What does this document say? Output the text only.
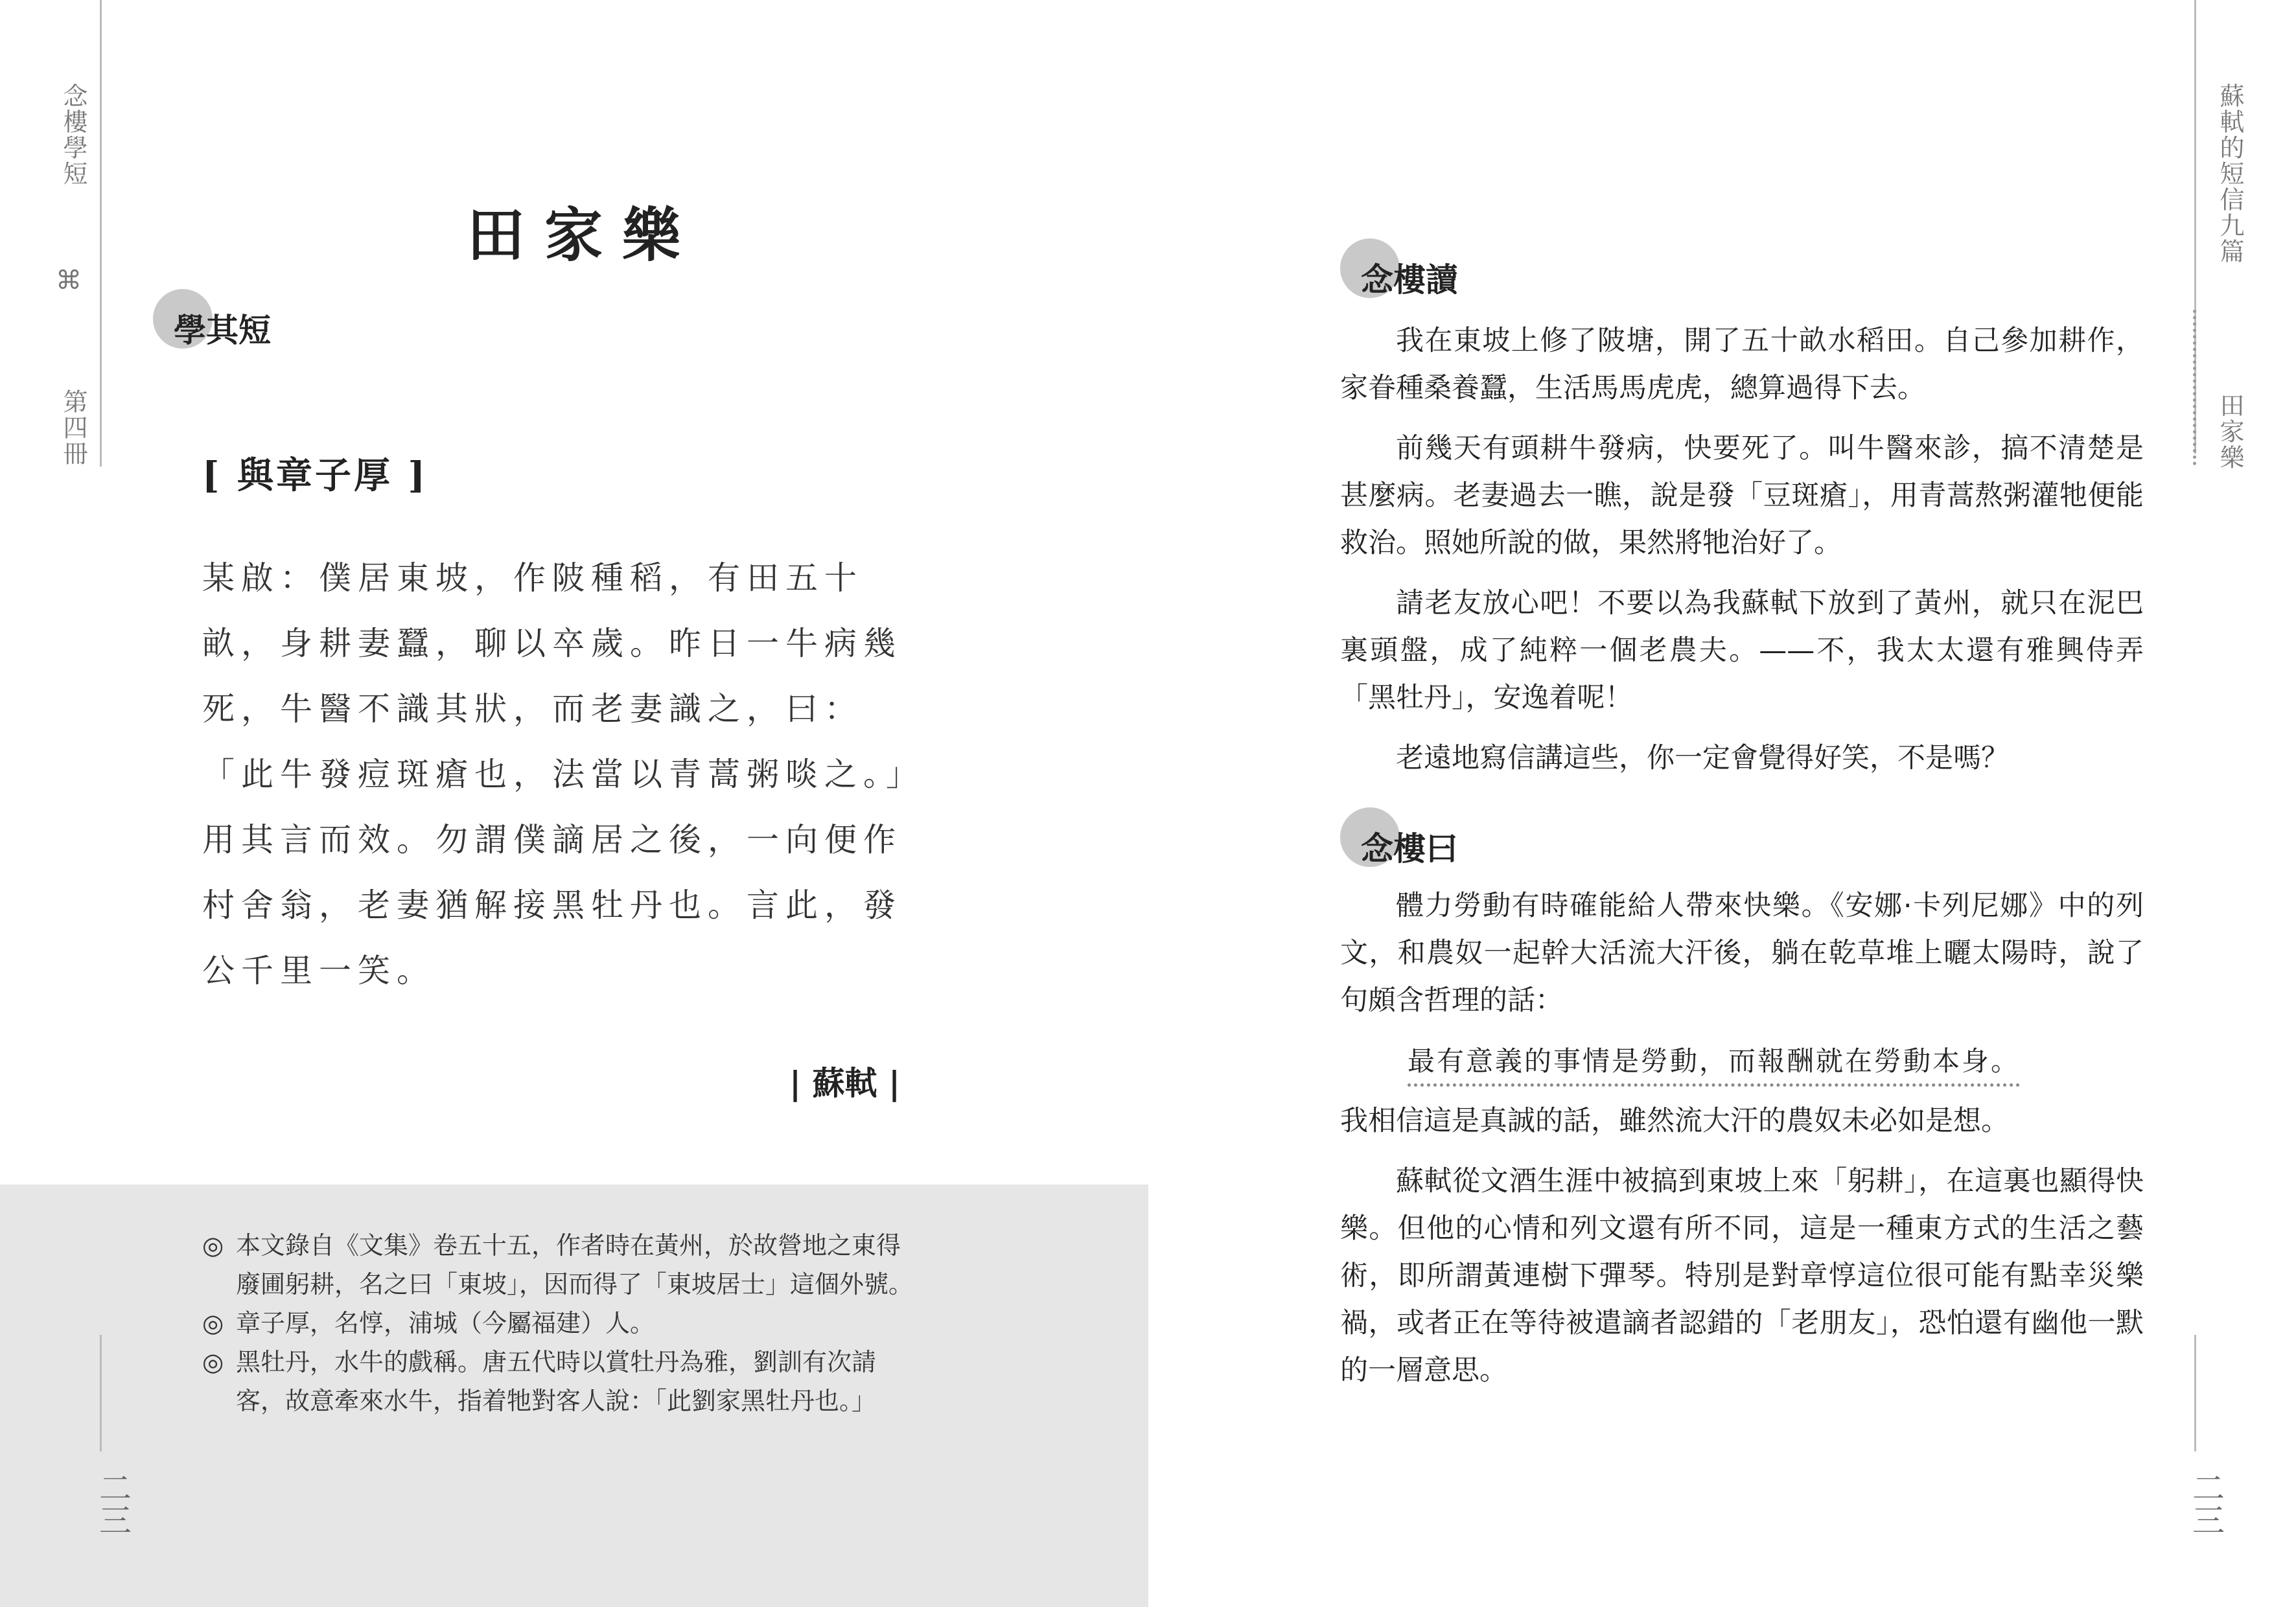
念樓學短
⌘
第四冊
田家樂
學其短
[ 與章子厚 ]
某啟：僕居東坡，作陂種稻，有田五十畝，身耕妻蠶，聊以卒歲。昨日一牛病幾死，牛醫不識其狀，而老妻識之，曰：「此牛發痘斑瘡也，法當以青蒿粥啖之。」用其言而效。勿謂僕謫居之後，一向便作村舍翁，老妻猶解接黑牡丹也。言此，發公千里一笑。
| 蘇軾 |
◎ 本文錄自《文集》卷五十五，作者時在黃州，於故營地之東得廢圃躬耕，名之曰「東坡」，因而得了「東坡居士」這個外號。
◎ 章子厚，名惇，浦城（今屬福建）人。
◎ 黑牡丹，水牛的戲稱。唐五代時以賞牡丹為雅，劉訓有次請客，故意牽來水牛，指着牠對客人說：「此劉家黑牡丹也。」
二三
蘇軾的短信九篇
田家樂
念樓讀

我在東坡上修了陂塘，開了五十畝水稻田。自己參加耕作，家眷種桑養蠶，生活馬馬虎虎，總算過得下去。

前幾天有頭耕牛發病，快要死了。叫牛醫來診，搞不清楚是甚麼病。老妻過去一瞧，說是發「豆斑瘡」，用青蒿熬粥灌牠便能救治。照她所說的做，果然將牠治好了。

請老友放心吧！不要以為我蘇軾下放到了黃州，就只在泥巴裏頭盤，成了純粹一個老農夫。——不，我太太還有雅興侍弄「黑牡丹」，安逸着呢！

老遠地寫信講這些，你一定會覺得好笑，不是嗎？

念樓曰

體力勞動有時確能給人帶來快樂。《安娜·卡列尼娜》中的列文，和農奴一起幹大活流大汗後，躺在乾草堆上曬太陽時，說了句頗含哲理的話：

最有意義的事情是勞動，而報酬就在勞動本身。

我相信這是真誠的話，雖然流大汗的農奴未必如是想。

蘇軾從文酒生涯中被搞到東坡上來「躬耕」，在這裏也顯得快樂。但他的心情和列文還有所不同，這是一種東方式的生活之藝術，即所謂黃連樹下彈琴。特別是對章惇這位很可能有點幸災樂禍，或者正在等待被遣謫者認錯的「老朋友」，恐怕還有幽他一默的一層意思。

二三
